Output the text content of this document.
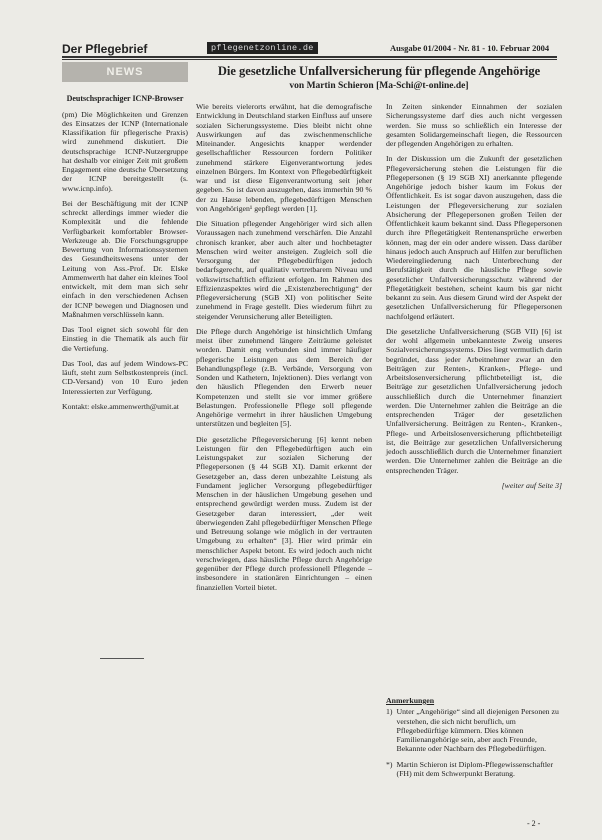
Der Pflegebrief	pflegenetzonline.de	Ausgabe 01/2004 - Nr. 81 - 10. Februar 2004
NEWS
Deutschsprachiger ICNP-Browser

(pm) Die Möglichkeiten und Grenzen des Einsatzes der ICNP (Internationale Klassifikation für pflegerische Praxis) wird zunehmend diskutiert. Die deutschsprachige ICNP-Nutzergruppe hat deshalb vor einiger Zeit mit großem Engagement eine deutsche Übersetzung der ICNP bereitgestellt (s. www.icnp.info).

Bei der Beschäftigung mit der ICNP schreckt allerdings immer wieder die Komplexität und die fehlende Verfügbarkeit komfortabler Browser-Werkzeuge ab. Die Forschungsgruppe Bewertung von Informationssystemen des Gesundheitswesens unter der Leitung von Ass.-Prof. Dr. Elske Ammenwerth hat daher ein kleines Tool entwickelt, mit dem man sich sehr einfach in den verschiedenen Achsen der ICNP bewegen und Diagnosen und Maßnahmen verschlüsseln kann.

Das Tool eignet sich sowohl für den Einstieg in die Thematik als auch für die Vertiefung.

Das Tool, das auf jedem Windows-PC läuft, steht zum Selbstkostenpreis (incl. CD-Versand) von 10 Euro jeden Interessierten zur Verfügung.

Kontakt: elske.ammenwerth@umit.at

Die gesetzliche Unfallversicherung für pflegende Angehörige
von Martin Schieron [Ma-Schi@t-online.de]

Wie bereits vielerorts erwähnt, hat die demografische Entwicklung in Deutschland starken Einfluss auf unsere sozialen Sicherungssysteme. Dies bleibt nicht ohne Auswirkungen auf das zwischenmenschliche Miteinander. Angesichts knapper werdender gesellschaftlicher Ressourcen fordern Politiker zunehmend stärkere Eigenverantwortung jedes einzelnen Bürgers. Im Kontext von Pflegebedürftigkeit war und ist diese Eigenverantwortung seit jeher gegeben. So ist davon auszugehen, dass immerhin 90 % der zu Hause lebenden, pflegebedürftigen Menschen von Angehörigen¹ gepflegt werden [1].

Die Situation pflegender Angehöriger wird sich allen Voraussagen nach zunehmend verschärfen. Die Anzahl chronisch kranker, aber auch alter und hochbetagter Menschen wird weiter ansteigen. Zugleich soll die Versorgung der Pflegebedürftigen jedoch bedarfsgerecht, auf qualitativ vertretbarem Niveau und volkswirtschaftlich effizient erfolgen. Im Rahmen des Effizienzaspektes wird die „Existenzberechtigung“ der Pflegeversicherung (SGB XI) von politischer Seite zunehmend in Frage gestellt. Dies wiederum führt zu steigender Verunsicherung aller Beteiligten.

Die Pflege durch Angehörige ist hinsichtlich Umfang meist über zunehmend längere Zeiträume geleistet worden. Damit eng verbunden sind immer häufiger pflegerische Leistungen aus dem Bereich der Behandlungspflege (z.B. Verbände, Versorgung von Sonden und Kathetern, Injektionen). Dies verlangt von den häuslich Pflegenden den Erwerb neuer Kompetenzen und stellt sie vor immer größere Belastungen. Professionelle Pflege soll pflegende Angehörige vermehrt in ihrer häuslichen Umgebung unterstützen und begleiten [5].

Die gesetzliche Pflegeversicherung [6] kennt neben Leistungen für den Pflegebedürftigen auch ein Leistungspaket zur sozialen Sicherung der Pflegepersonen (§ 44 SGB XI). Damit erkennt der Gesetzgeber an, dass deren unbezahlte Leistung als Fundament jeglicher Versorgung pflegebedürftiger Menschen in der häuslichen Umgebung gesehen und entsprechend gewürdigt werden muss. Zudem ist der Gesetzgeber daran interessiert, „der weit überwiegenden Zahl pflegebedürftiger Menschen Pflege und Betreuung solange wie möglich in der vertrauten Umgebung zu erhalten“ [3]. Hier wird primär ein menschlicher Aspekt betont. Es wird jedoch auch nicht verschwiegen, dass häusliche Pflege durch Angehörige gegenüber der Pflege durch professionell Pflegende – insbesondere in stationären Einrichtungen – einen finanziellen Vorteil bietet.

In Zeiten sinkender Einnahmen der sozialen Sicherungssysteme darf dies auch nicht vergessen werden. Sie muss so schließlich ein Interesse der gesamten Solidargemeinschaft liegen, die Ressourcen der pflegenden Angehörigen zu erhalten.

In der Diskussion um die Zukunft der gesetzlichen Pflegeversicherung stehen die Leistungen für die Pflegepersonen (§ 19 SGB XI) anerkannte pflegende Angehörige jedoch bisher kaum im Fokus der Öffentlichkeit. Es ist sogar davon auszugehen, dass die Leistungen der Pflegeversicherung zur sozialen Absicherung der Pflegepersonen großen Teilen der Öffentlichkeit kaum bekannt sind. Dass Pflegepersonen durch ihre Pflegetätigkeit Rentenansprüche erwerben können, mag der ein oder andere wissen. Dass darüber hinaus jedoch auch Anspruch auf Hilfen zur beruflichen Wiedereingliederung nach Unterbrechung der Berufstätigkeit durch die häusliche Pflege sowie gesetzlicher Unfallversicherungsschutz während der Pflegetätigkeit bestehen, scheint kaum bis gar nicht bekannt zu sein. Aus diesem Grund wird der Aspekt der gesetzlichen Unfallversicherung für Pflegepersonen nachfolgend erläutert.

Die gesetzliche Unfallversicherung (SGB VII) [6] ist der wohl allgemein unbekannteste Zweig unseres Sozialversicherungssystems. Dies liegt vermutlich darin begründet, dass jeder Arbeitnehmer zwar an den Beiträgen zur Renten-, Kranken-, Pflege- und Arbeitslosenversicherung pflichtbeteiligt ist, die Beiträge zur gesetzlichen Unfallversicherung jedoch ausschließlich durch die Unternehmer finanziert werden. Die Unternehmer zahlen die Beiträge an die entsprechenden Träger der gesetzlichen Unfallversicherung. Beiträgen zu Renten-, Kranken-, Pflege- und Arbeitslosenversicherung pflichtbeteiligt ist, die Beiträge zur gesetzlichen Unfallversicherung jedoch ausschließlich durch die Unternehmer finanziert werden. Die Unternehmer zahlen die Beiträge an die entsprechenden Träger.

[weiter auf Seite 3]

Anmerkungen
1) Unter „Angehörige“ sind all diejenigen Personen zu verstehen, die sich nicht beruflich, um Pflegebedürftige kümmern. Dies können Familienangehörige sein, aber auch Freunde, Bekannte oder Nachbarn des Pflegebedürftigen.
*) Martin Schieron ist Diplom-Pflegewissenschaftler (FH) mit dem Schwerpunkt Beratung.
- 2 -
